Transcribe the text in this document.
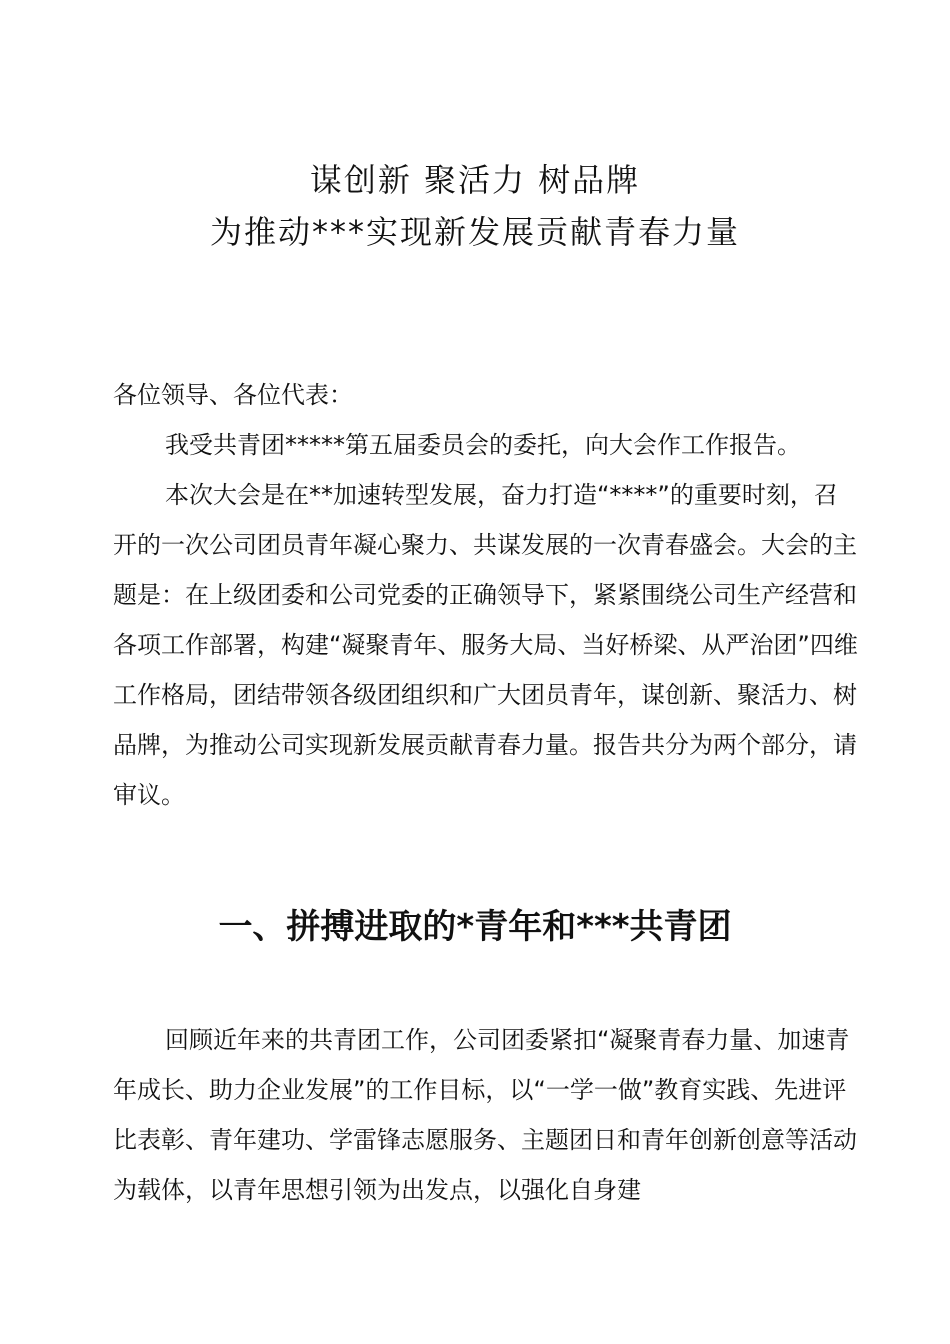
谋创新 聚活力 树品牌
为推动***实现新发展贡献青春力量
各位领导、各位代表：
我受共青团*****第五届委员会的委托，向大会作工作报告。
本次大会是在**加速转型发展，奋力打造“****”的重要时刻，召开的一次公司团员青年凝心聚力、共谋发展的一次青春盛会。大会的主题是：在上级团委和公司党委的正确领导下，紧紧围绕公司生产经营和各项工作部署，构建“凝聚青年、服务大局、当好桥梁、从严治团”四维工作格局，团结带领各级团组织和广大团员青年，谋创新、聚活力、树品牌，为推动公司实现新发展贡献青春力量。报告共分为两个部分，请审议。
一、拼搏进取的*青年和***共青团
回顾近年来的共青团工作，公司团委紧扣“凝聚青春力量、加速青年成长、助力企业发展”的工作目标，以“一学一做”教育实践、先进评比表彰、青年建功、学雷锋志愿服务、主题团日和青年创新创意等活动为载体，以青年思想引领为出发点，以强化自身建
